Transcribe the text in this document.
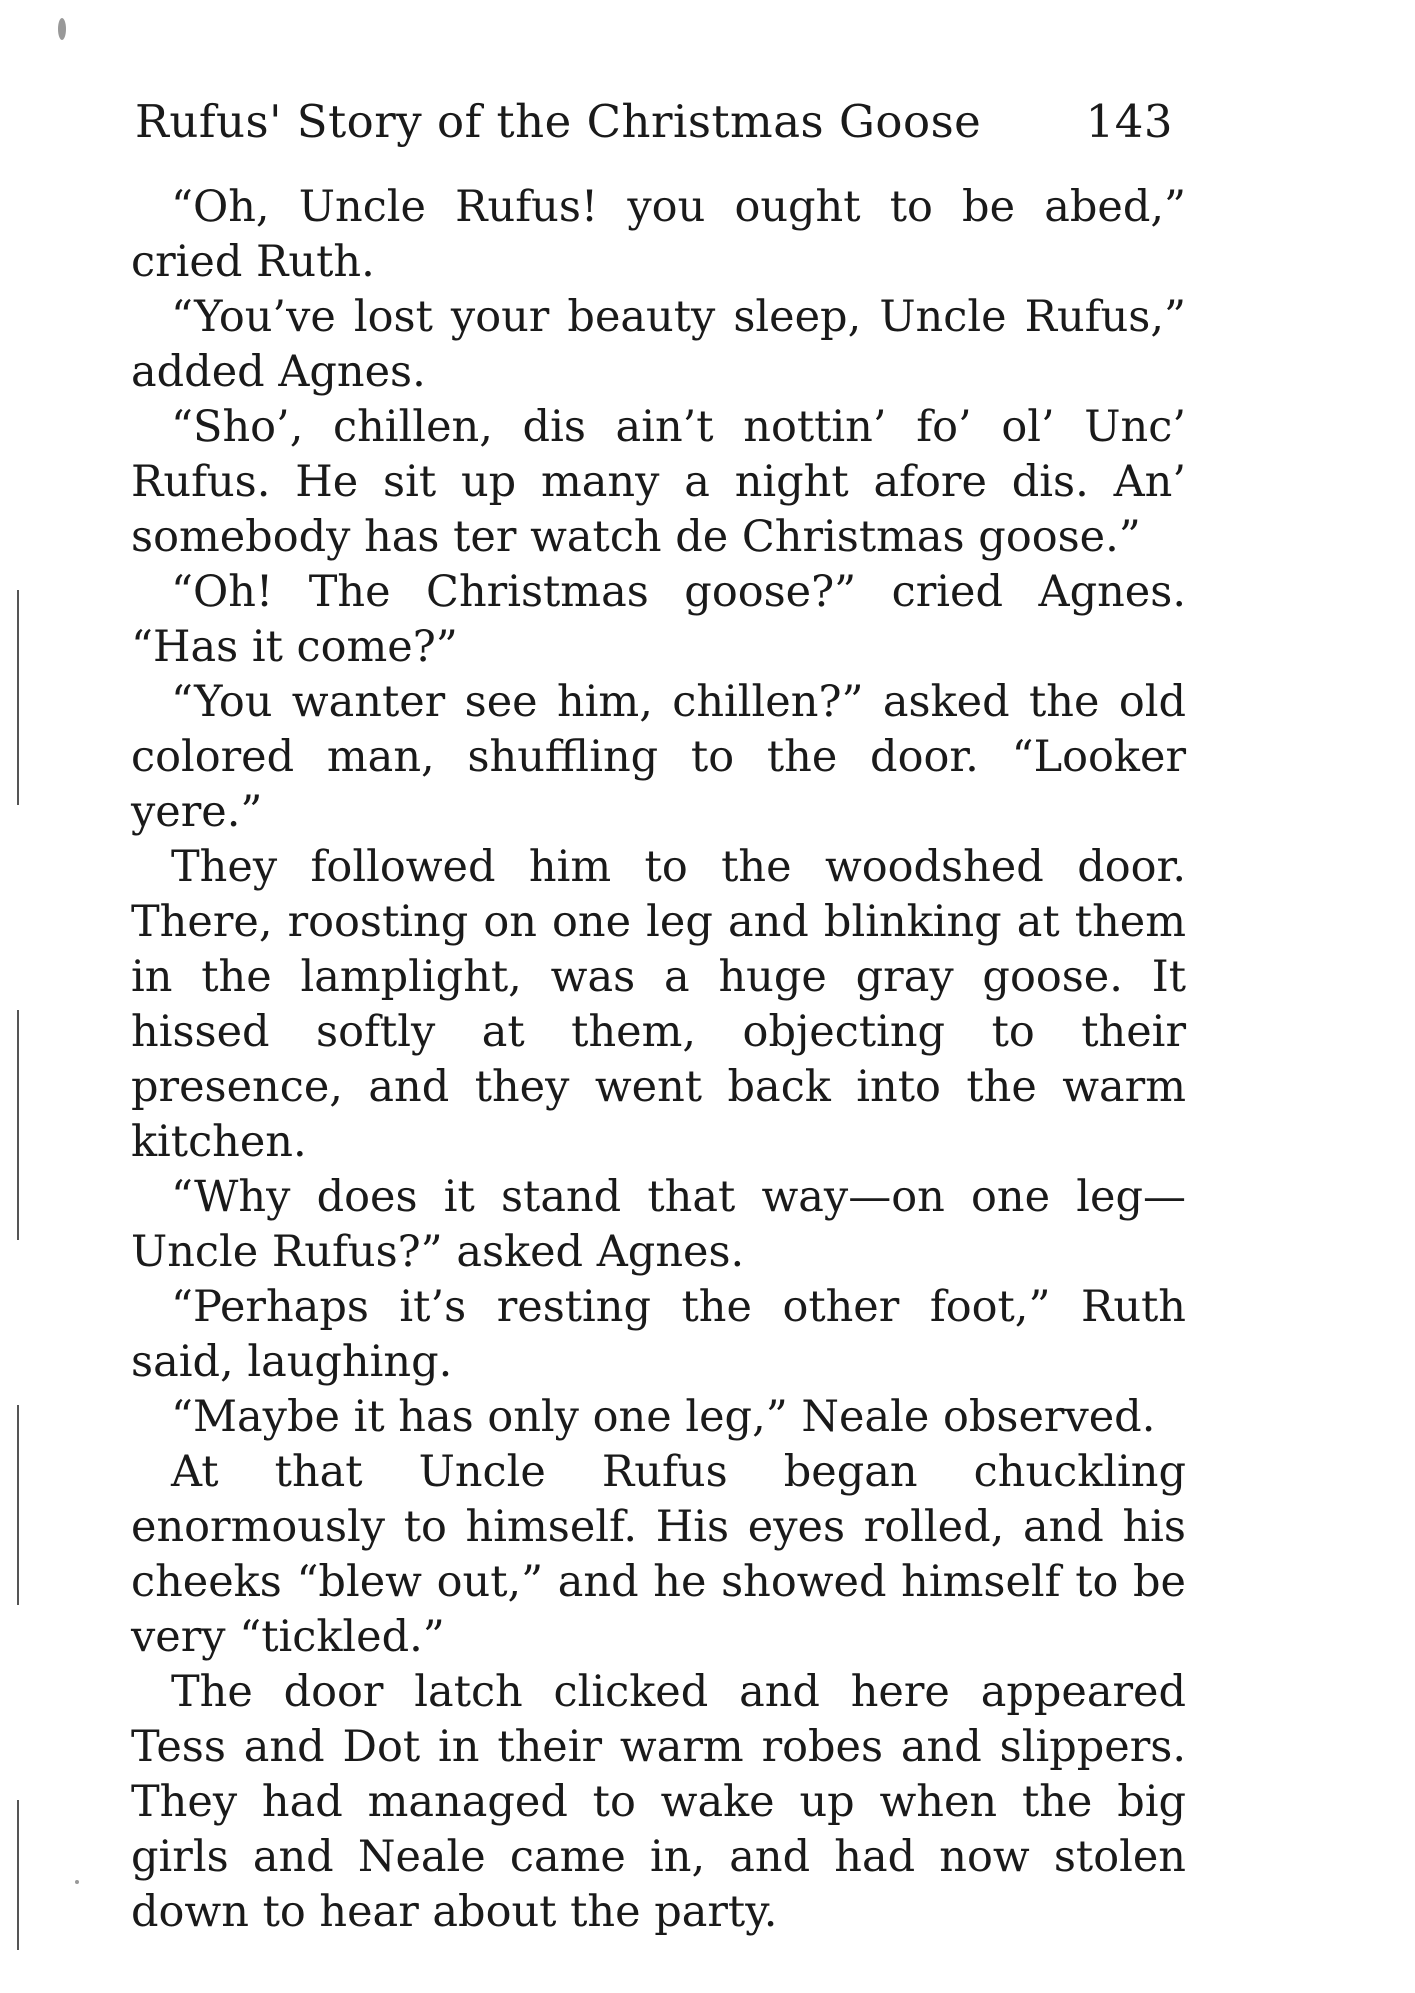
Rufus' Story of the Christmas Goose 143

“Oh, Uncle Rufus! you ought to be abed,” cried Ruth.

“You’ve lost your beauty sleep, Uncle Rufus,” added Agnes.

“Sho’, chillen, dis ain’t nottin’ fo’ ol’ Unc’ Rufus. He sit up many a night afore dis. An’ somebody has ter watch de Christmas goose.”

“Oh! The Christmas goose?” cried Agnes. “Has it come?”

“You wanter see him, chillen?” asked the old colored man, shuffling to the door. “Looker yere.”

They followed him to the woodshed door. There, roosting on one leg and blinking at them in the lamplight, was a huge gray goose. It hissed softly at them, objecting to their presence, and they went back into the warm kitchen.

“Why does it stand that way—on one leg— Uncle Rufus?” asked Agnes.

“Perhaps it’s resting the other foot,” Ruth said, laughing.

“Maybe it has only one leg,” Neale observed.

At that Uncle Rufus began chuckling enormously to himself. His eyes rolled, and his cheeks “blew out,” and he showed himself to be very “tickled.”

The door latch clicked and here appeared Tess and Dot in their warm robes and slippers. They had managed to wake up when the big girls and Neale came in, and had now stolen down to hear about the party.
